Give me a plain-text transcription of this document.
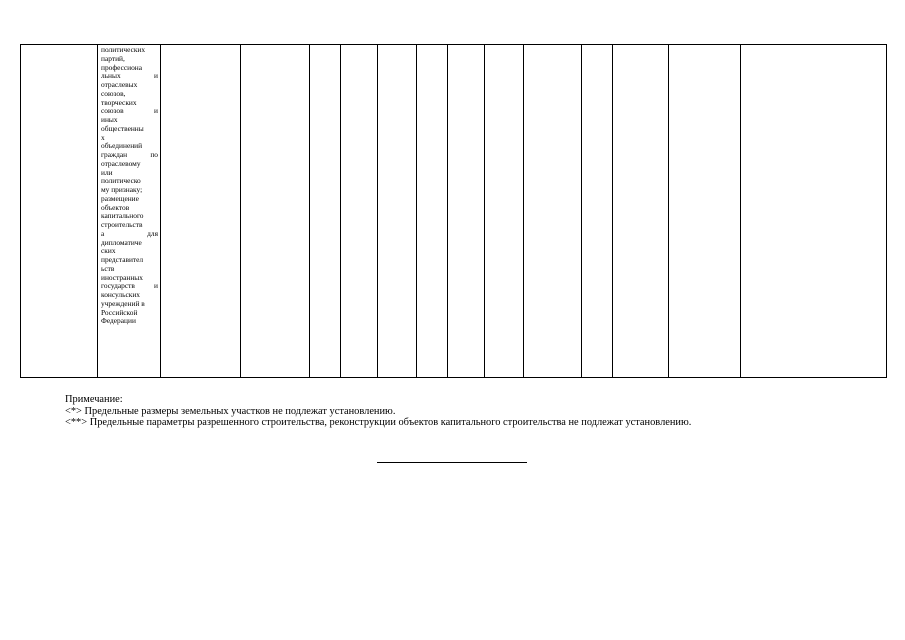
политических
партий,
профессиона
льных и
отраслевых
союзов,
творческих
союзов и
иных
общественны
х
объединений
граждан по
отраслевому
или
политическо
му признаку;
размещение
объектов
капитального
строительств
а для
дипломатиче
ских
представител
ьств
иностранных
государств и
консульских
учреждений в
Российской
Федерации

Примечание:

<*> Предельные размеры земельных участков не подлежат установлению.

<**> Предельные параметры разрешенного строительства, реконструкции объектов капитального строительства не подлежат установлению.
